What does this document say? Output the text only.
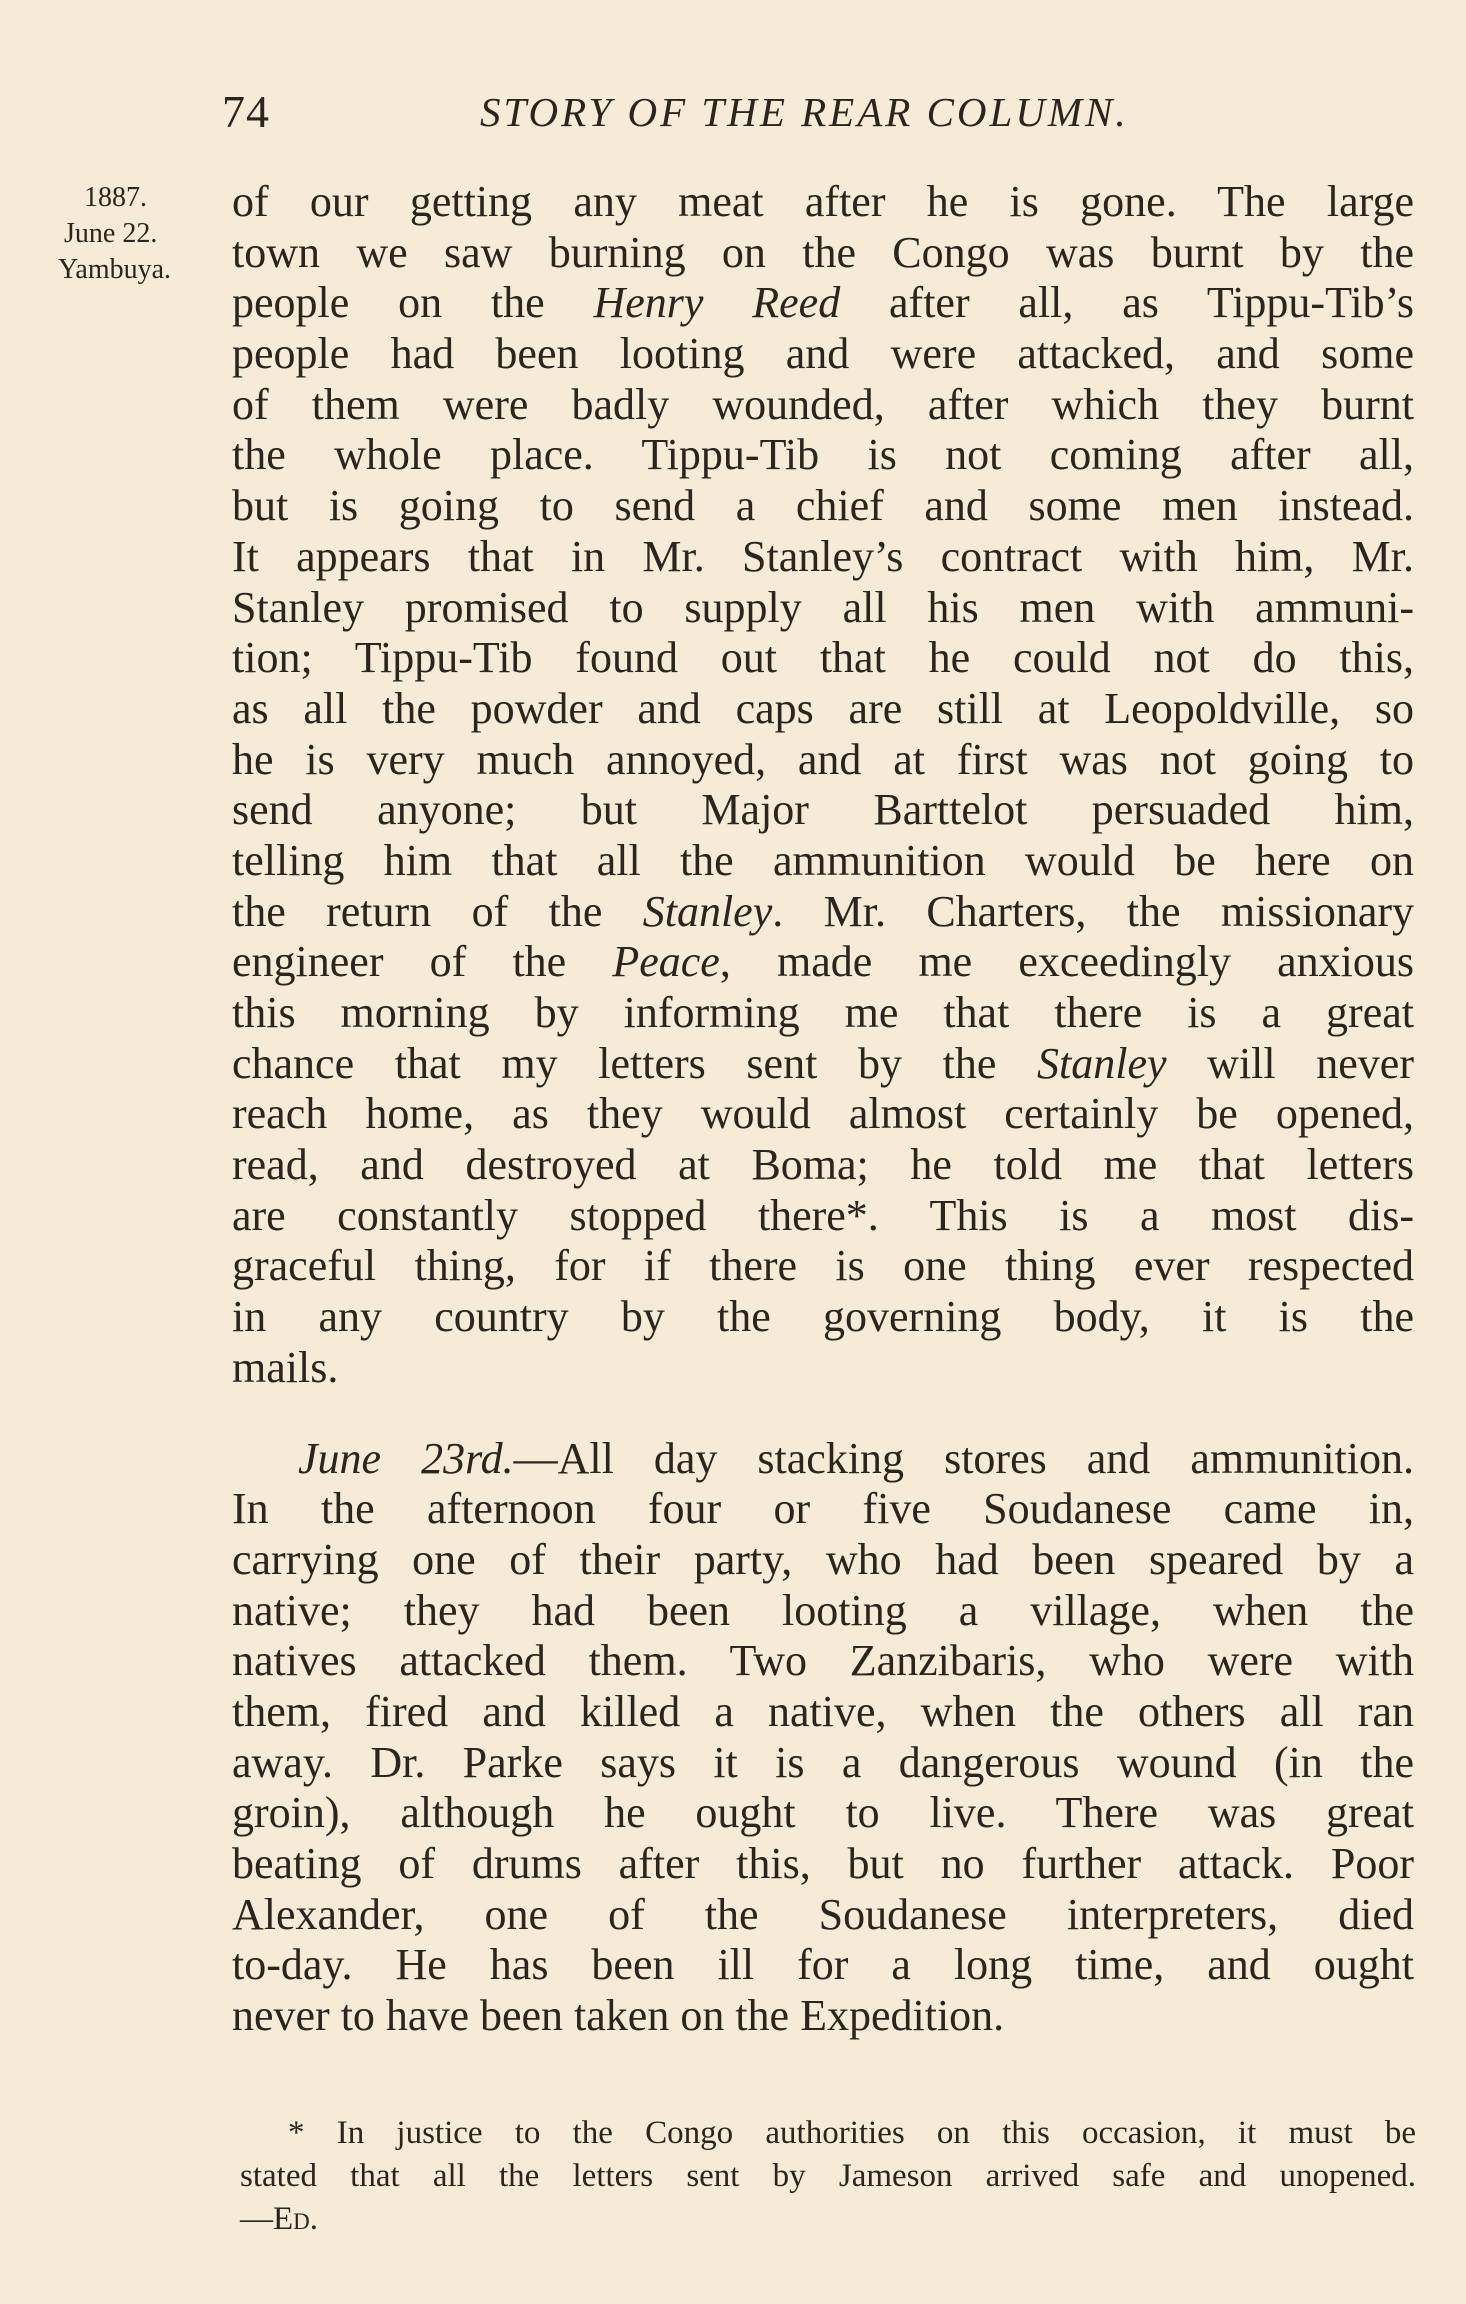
74	STORY OF THE REAR COLUMN.
1887.
June 22.
Yambuya.
of our getting any meat after he is gone. The large
town we saw burning on the Congo was burnt by the
people on the Henry Reed after all, as Tippu-Tib’s
people had been looting and were attacked, and some
of them were badly wounded, after which they burnt
the whole place. Tippu-Tib is not coming after all,
but is going to send a chief and some men instead.
It appears that in Mr. Stanley’s contract with him, Mr.
Stanley promised to supply all his men with ammuni-
tion; Tippu-Tib found out that he could not do this,
as all the powder and caps are still at Leopoldville, so
he is very much annoyed, and at first was not going to
send anyone; but Major Barttelot persuaded him,
telling him that all the ammunition would be here on
the return of the Stanley. Mr. Charters, the missionary
engineer of the Peace, made me exceedingly anxious
this morning by informing me that there is a great
chance that my letters sent by the Stanley will never
reach home, as they would almost certainly be opened,
read, and destroyed at Boma; he told me that letters
are constantly stopped there*. This is a most dis-
graceful thing, for if there is one thing ever respected
in any country by the governing body, it is the
mails.
June 23rd.—All day stacking stores and ammunition.
In the afternoon four or five Soudanese came in,
carrying one of their party, who had been speared by a
native; they had been looting a village, when the
natives attacked them. Two Zanzibaris, who were with
them, fired and killed a native, when the others all ran
away. Dr. Parke says it is a dangerous wound (in the
groin), although he ought to live. There was great
beating of drums after this, but no further attack. Poor
Alexander, one of the Soudanese interpreters, died
to-day. He has been ill for a long time, and ought
never to have been taken on the Expedition.
* In justice to the Congo authorities on this occasion, it must be
stated that all the letters sent by Jameson arrived safe and unopened.
—Ed.
